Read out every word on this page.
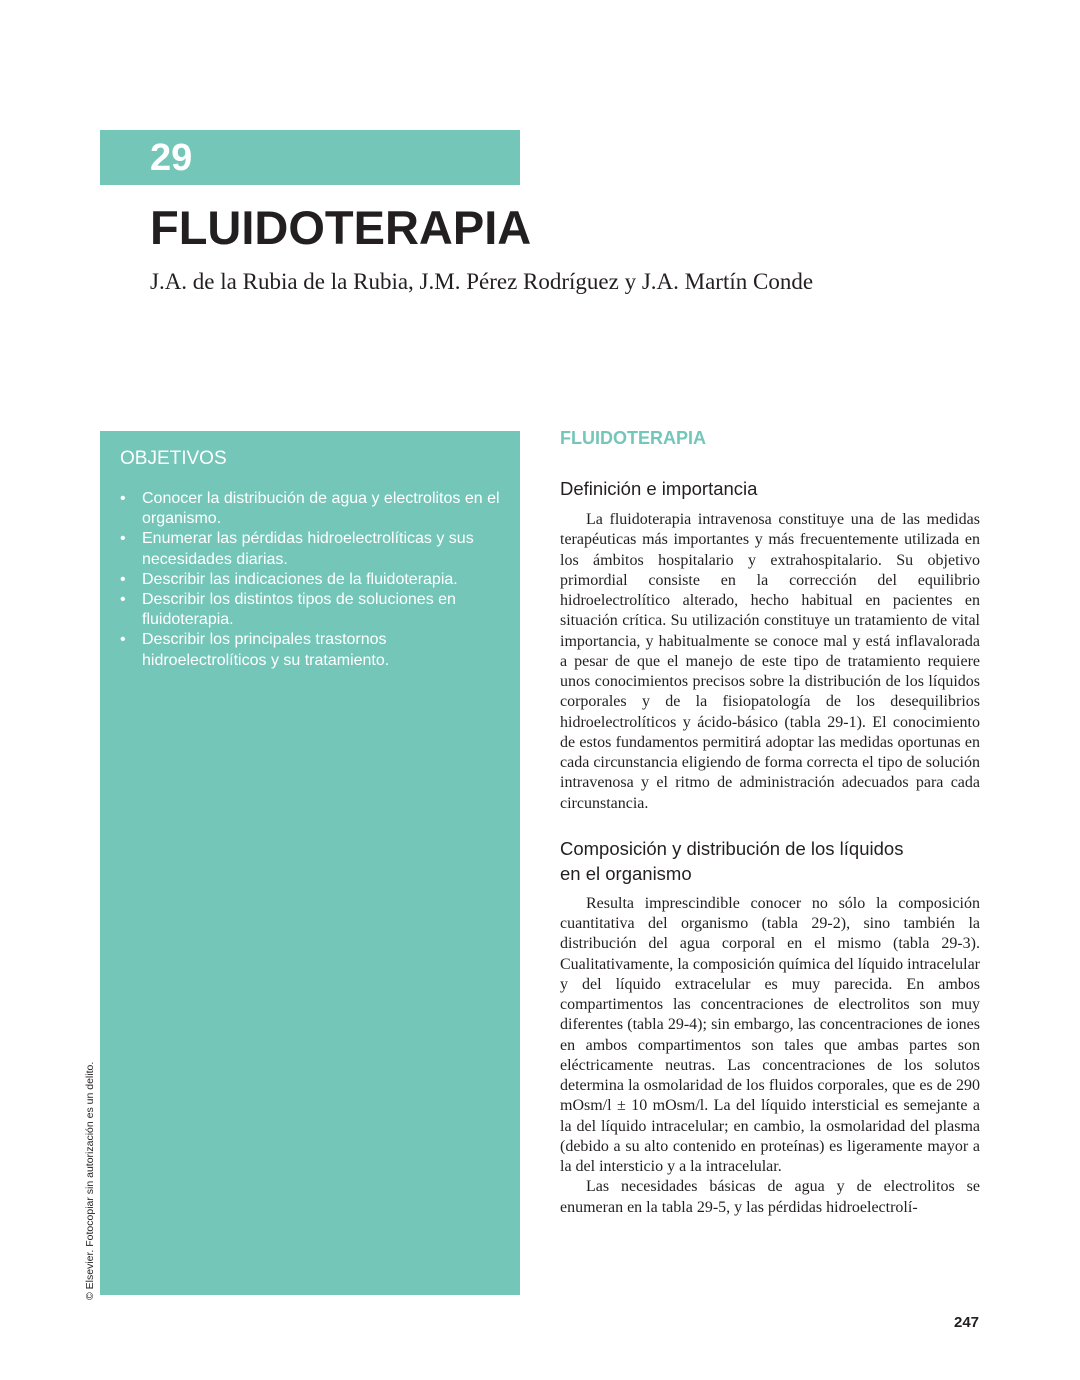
29
FLUIDOTERAPIA
J.A. de la Rubia de la Rubia, J.M. Pérez Rodríguez y J.A. Martín Conde
OBJETIVOS
• Conocer la distribución de agua y electrolitos en el organismo.
• Enumerar las pérdidas hidroelectrolíticas y sus necesidades diarias.
• Describir las indicaciones de la fluidoterapia.
• Describir los distintos tipos de soluciones en fluidoterapia.
• Describir los principales trastornos hidroelectrolíticos y su tratamiento.
© Elsevier. Fotocopiar sin autorización es un delito.
FLUIDOTERAPIA
Definición e importancia

La fluidoterapia intravenosa constituye una de las medidas terapéuticas más importantes y más frecuentemente utilizada en los ámbitos hospitalario y extrahospitalario. Su objetivo primordial consiste en la corrección del equilibrio hidroelectrolítico alterado, hecho habitual en pacientes en situación crítica. Su utilización constituye un tratamiento de vital importancia, y habitualmente se conoce mal y está inflavalorada a pesar de que el manejo de este tipo de tratamiento requiere unos conocimientos precisos sobre la distribución de los líquidos corporales y de la fisiopatología de los desequilibrios hidroelectrolíticos y ácido-básico (tabla 29-1). El conocimiento de estos fundamentos permitirá adoptar las medidas oportunas en cada circunstancia eligiendo de forma correcta el tipo de solución intravenosa y el ritmo de administración adecuados para cada circunstancia.

Composición y distribución de los líquidos
en el organismo

Resulta imprescindible conocer no sólo la composición cuantitativa del organismo (tabla 29-2), sino también la distribución del agua corporal en el mismo (tabla 29-3). Cualitativamente, la composición química del líquido intracelular y del líquido extracelular es muy parecida. En ambos compartimentos las concentraciones de electrolitos son muy diferentes (tabla 29-4); sin embargo, las concentraciones de iones en ambos compartimentos son tales que ambas partes son eléctricamente neutras. Las concentraciones de los solutos determina la osmolaridad de los fluidos corporales, que es de 290 mOsm/l ± 10 mOsm/l. La del líquido intersticial es semejante a la del líquido intracelular; en cambio, la osmolaridad del plasma (debido a su alto contenido en proteínas) es ligeramente mayor a la del intersticio y a la intracelular.

Las necesidades básicas de agua y de electrolitos se enumeran en la tabla 29-5, y las pérdidas hidroelectrolí-

247
